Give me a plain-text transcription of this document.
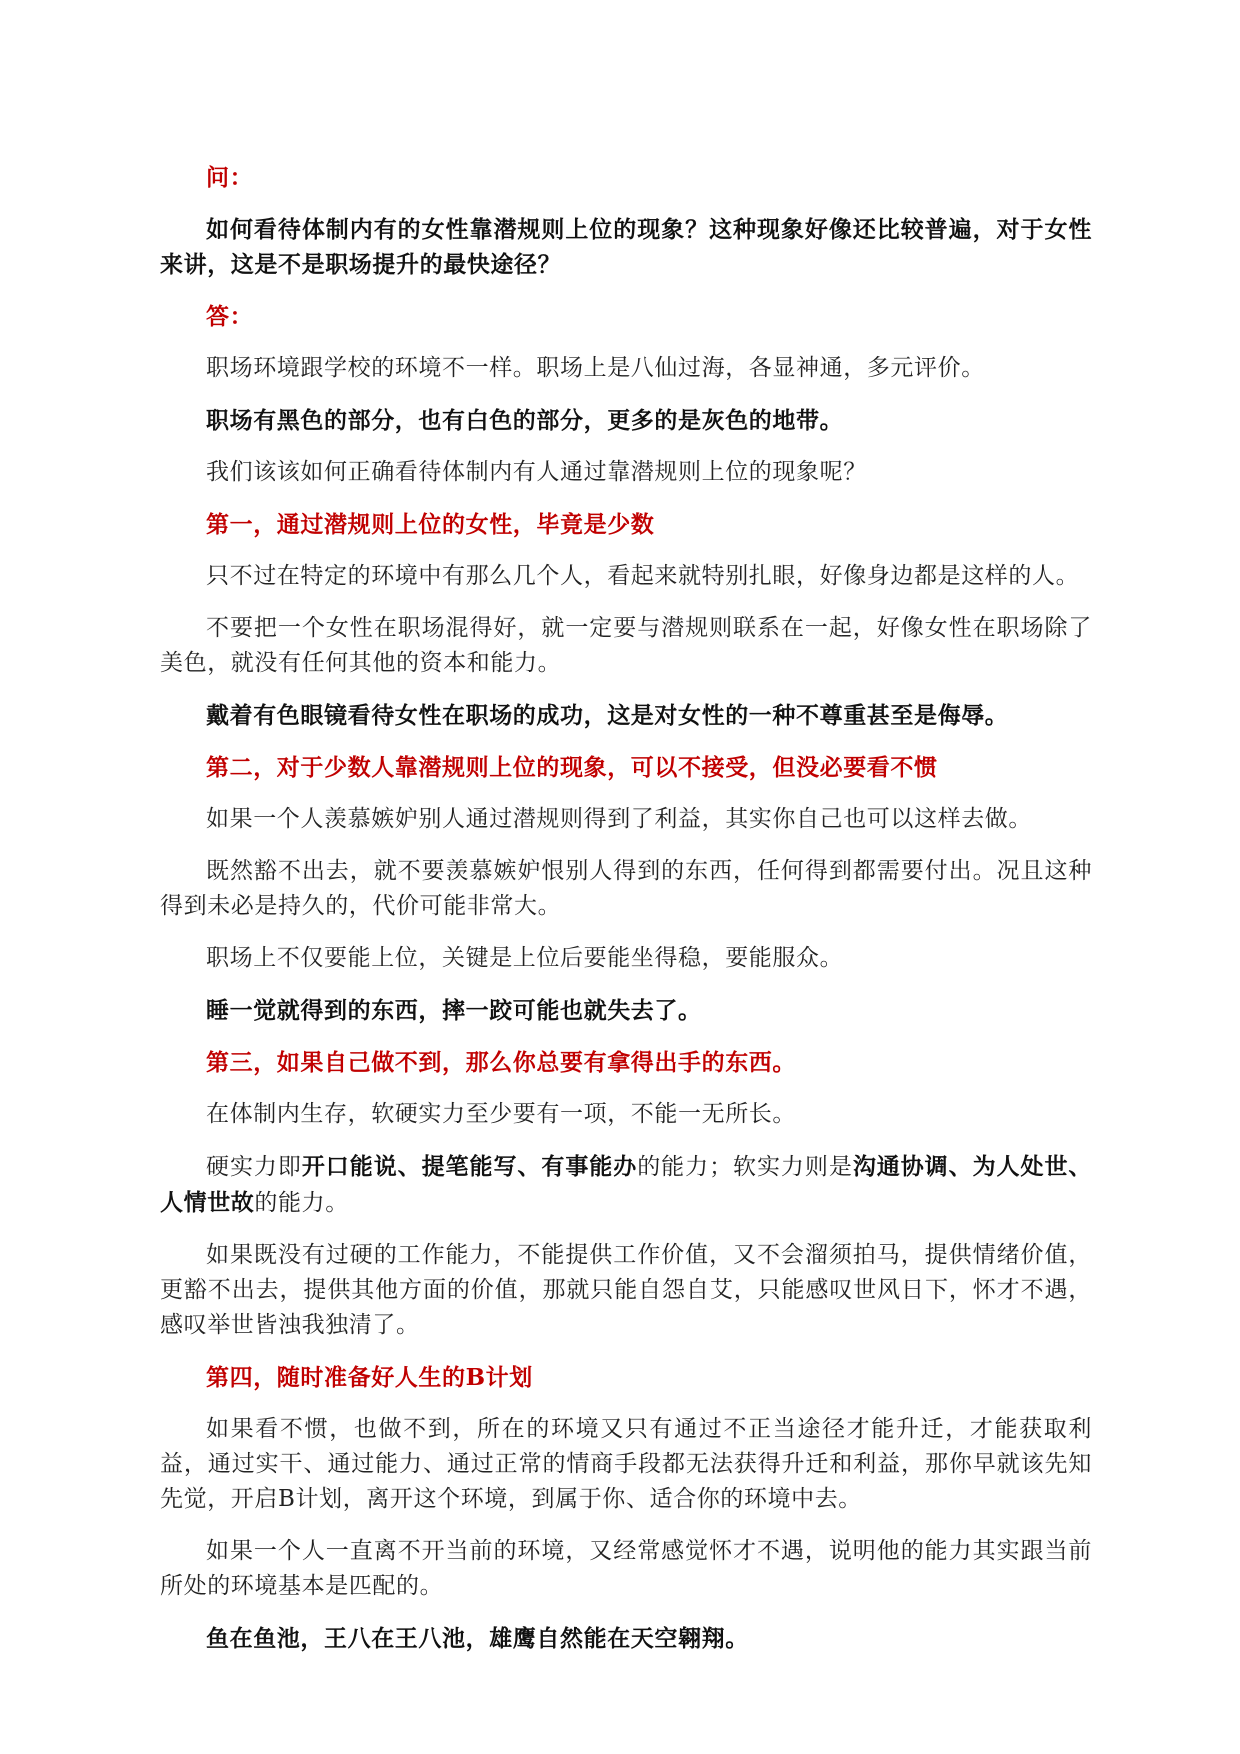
问：

如何看待体制内有的女性靠潜规则上位的现象？这种现象好像还比较普遍，对于女性来讲，这是不是职场提升的最快途径？

答：

职场环境跟学校的环境不一样。职场上是八仙过海，各显神通，多元评价。

职场有黑色的部分，也有白色的部分，更多的是灰色的地带。

我们该该如何正确看待体制内有人通过靠潜规则上位的现象呢？

第一，通过潜规则上位的女性，毕竟是少数

只不过在特定的环境中有那么几个人，看起来就特别扎眼，好像身边都是这样的人。

不要把一个女性在职场混得好，就一定要与潜规则联系在一起，好像女性在职场除了美色，就没有任何其他的资本和能力。

戴着有色眼镜看待女性在职场的成功，这是对女性的一种不尊重甚至是侮辱。

第二，对于少数人靠潜规则上位的现象，可以不接受，但没必要看不惯

如果一个人羡慕嫉妒别人通过潜规则得到了利益，其实你自己也可以这样去做。

既然豁不出去，就不要羡慕嫉妒恨别人得到的东西，任何得到都需要付出。况且这种得到未必是持久的，代价可能非常大。

职场上不仅要能上位，关键是上位后要能坐得稳，要能服众。

睡一觉就得到的东西，摔一跤可能也就失去了。

第三，如果自己做不到，那么你总要有拿得出手的东西。

在体制内生存，软硬实力至少要有一项，不能一无所长。

硬实力即开口能说、提笔能写、有事能办的能力；软实力则是沟通协调、为人处世、人情世故的能力。

如果既没有过硬的工作能力，不能提供工作价值，又不会溜须拍马，提供情绪价值，更豁不出去，提供其他方面的价值，那就只能自怨自艾，只能感叹世风日下，怀才不遇，感叹举世皆浊我独清了。

第四，随时准备好人生的B计划

如果看不惯，也做不到，所在的环境又只有通过不正当途径才能升迁，才能获取利益，通过实干、通过能力、通过正常的情商手段都无法获得升迁和利益，那你早就该先知先觉，开启B计划，离开这个环境，到属于你、适合你的环境中去。

如果一个人一直离不开当前的环境，又经常感觉怀才不遇，说明他的能力其实跟当前所处的环境基本是匹配的。

鱼在鱼池，王八在王八池，雄鹰自然能在天空翱翔。
